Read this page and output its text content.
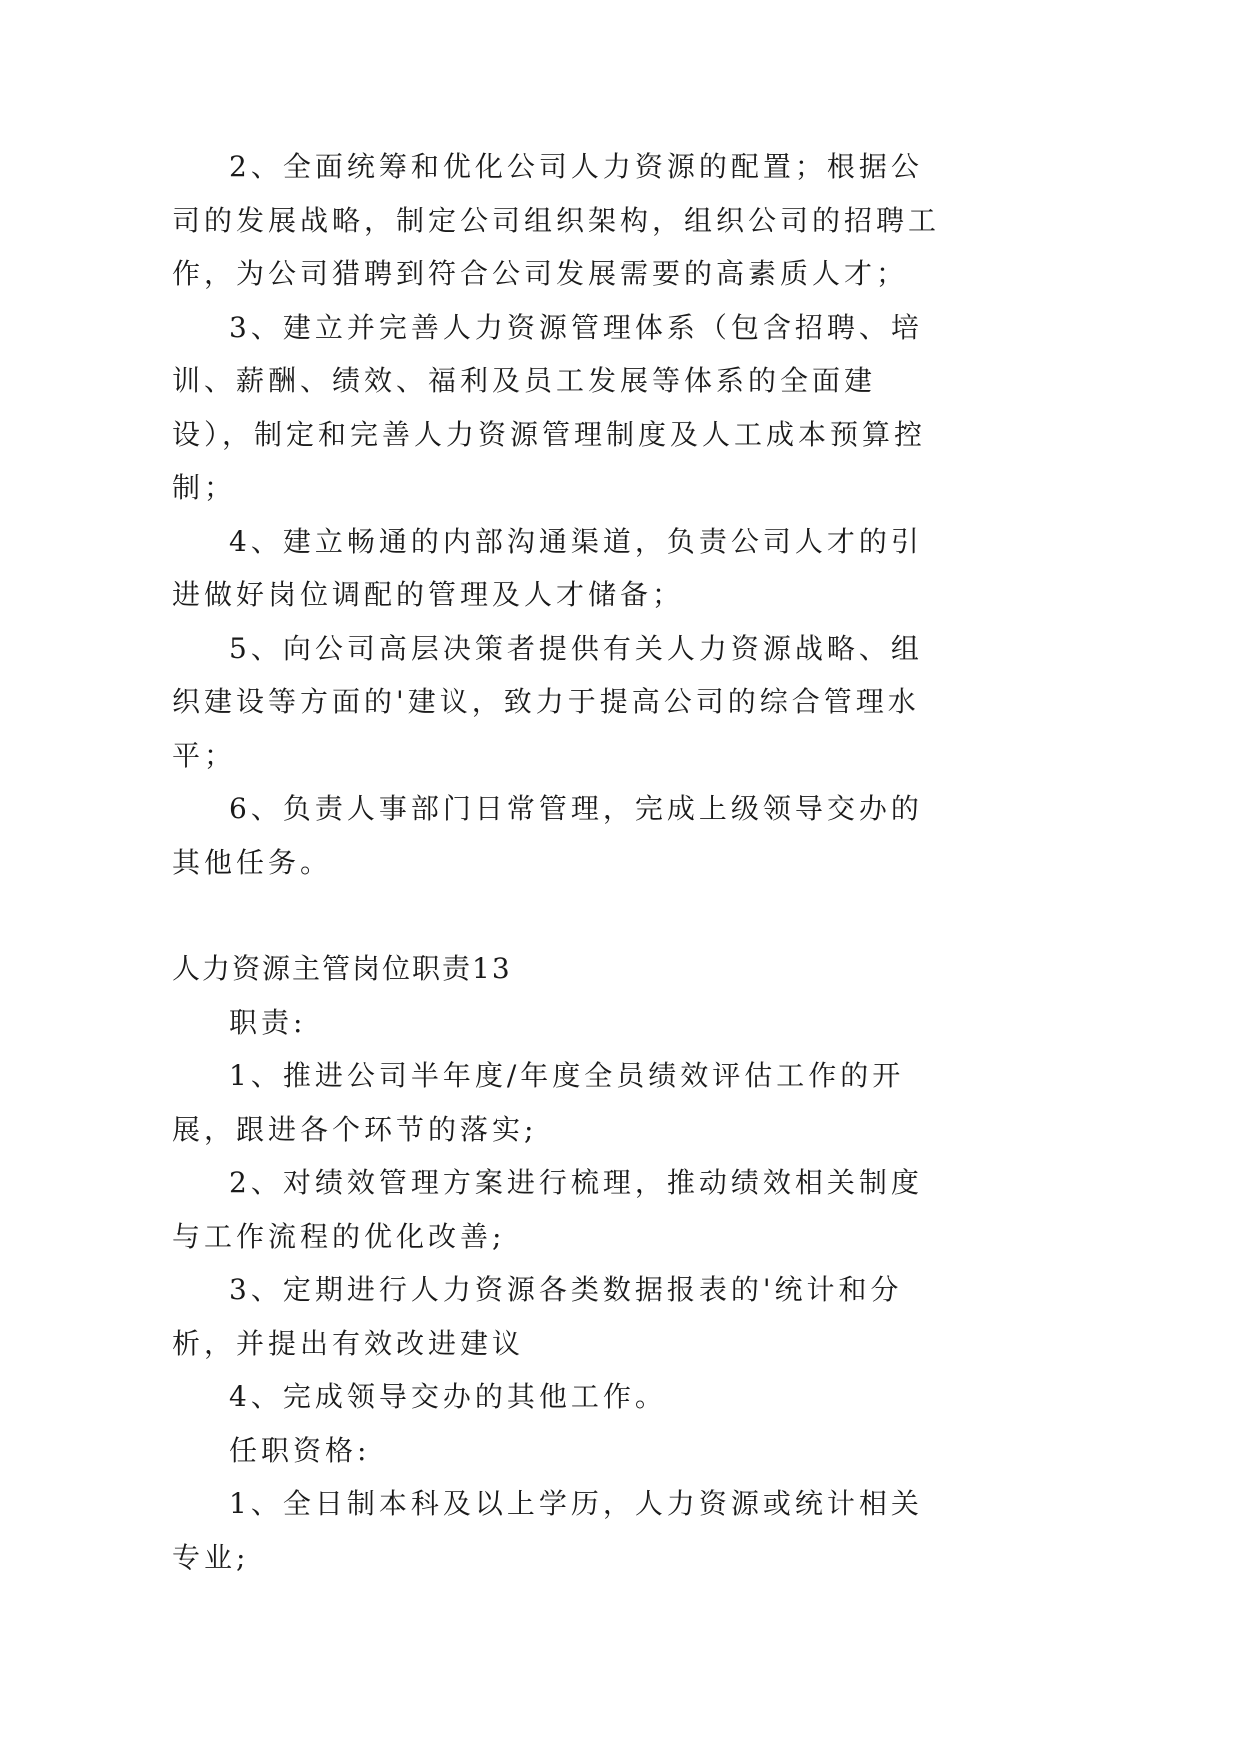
2、全面统筹和优化公司人力资源的配置；根据公司的发展战略，制定公司组织架构，组织公司的招聘工作，为公司猎聘到符合公司发展需要的高素质人才；

3、建立并完善人力资源管理体系（包含招聘、培训、薪酬、绩效、福利及员工发展等体系的全面建设），制定和完善人力资源管理制度及人工成本预算控制；

4、建立畅通的内部沟通渠道，负责公司人才的引进做好岗位调配的管理及人才储备；

5、向公司高层决策者提供有关人力资源战略、组织建设等方面的'建议，致力于提高公司的综合管理水平；

6、负责人事部门日常管理，完成上级领导交办的其他任务。

人力资源主管岗位职责13

职责:

1、推进公司半年度/年度全员绩效评估工作的开展，跟进各个环节的落实;

2、对绩效管理方案进行梳理，推动绩效相关制度与工作流程的优化改善;

3、定期进行人力资源各类数据报表的'统计和分析，并提出有效改进建议

4、完成领导交办的其他工作。

任职资格:

1、全日制本科及以上学历，人力资源或统计相关专业;
